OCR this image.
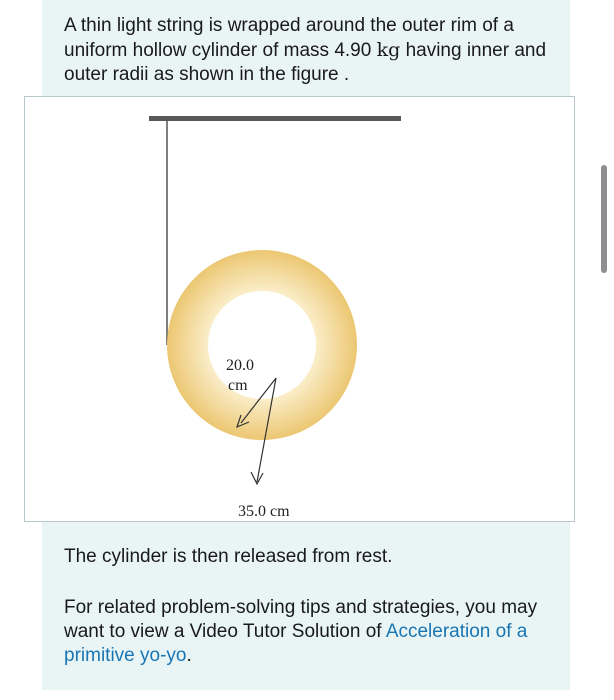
A thin light string is wrapped around the outer rim of a uniform hollow cylinder of mass 4.90 kg having inner and outer radii as shown in the figure .
20.0
cm
35.0 cm
The cylinder is then released from rest.
For related problem-solving tips and strategies, you may want to view a Video Tutor Solution of Acceleration of a primitive yo-yo.
